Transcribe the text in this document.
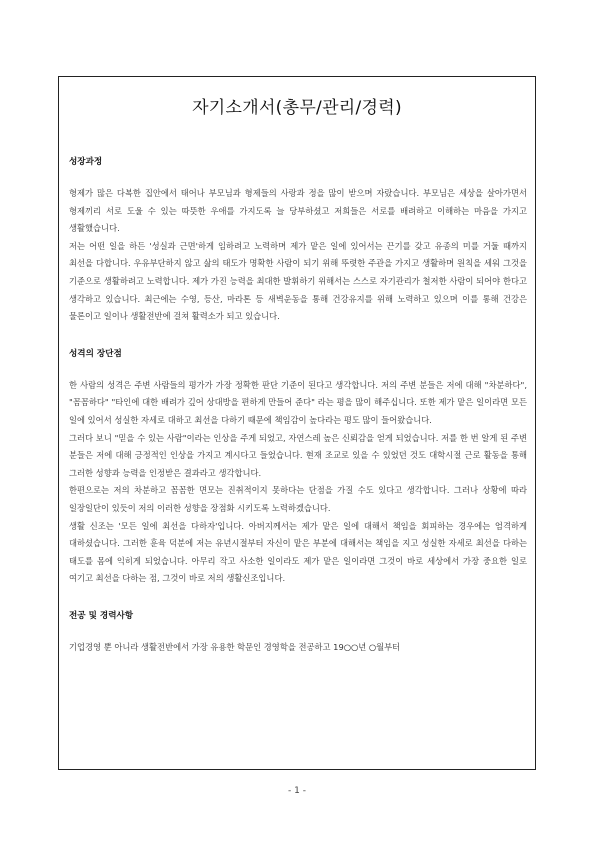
자기소개서(총무/관리/경력)
성장과정

형제가 많은 다복한 집안에서 태어나 부모님과 형제들의 사랑과 정을 많이 받으며 자랐습니다. 부모님은 세상을 살아가면서 형제끼리 서로 도울 수 있는 따뜻한 우애를 가지도록 늘 당부하셨고 저희들은 서로를 배려하고 이해하는 마음을 가지고 생활했습니다.

저는 어떤 일을 하든 '성실과 근면'하게 임하려고 노력하며 제가 맡은 일에 있어서는 끈기를 갖고 유종의 미를 거둘 때까지 최선을 다합니다. 우유부단하지 않고 삶의 태도가 명확한 사람이 되기 위해 뚜렷한 주관을 가지고 생활하며 원칙을 세워 그것을 기준으로 생활하려고 노력합니다. 제가 가진 능력을 최대한 발휘하기 위해서는 스스로 자기관리가 철저한 사람이 되어야 한다고 생각하고 있습니다. 최근에는 수영, 등산, 마라톤 등 새벽운동을 통해 건강유지를 위해 노력하고 있으며 이를 통해 건강은 물론이고 일이나 생활전반에 걸쳐 활력소가 되고 있습니다.

성격의 장단점

한 사람의 성격은 주변 사람들의 평가가 가장 정확한 판단 기준이 된다고 생각합니다. 저의 주변 분들은 저에 대해 "차분하다", "꼼꼼하다" "타인에 대한 배려가 깊어 상대방을 편하게 만들어 준다" 라는 평을 많이 해주십니다. 또한 제가 맡은 일이라면 모든 일에 있어서 성실한 자세로 대하고 최선을 다하기 때문에 책임감이 높다라는 평도 많이 들어왔습니다.

그러다 보니 "믿을 수 있는 사람"이라는 인상을 주게 되었고, 자연스레 높은 신뢰감을 얻게 되었습니다. 저를 한 번 알게 된 주변 분들은 저에 대해 긍정적인 인상을 가지고 계시다고 들었습니다. 현재 조교로 있을 수 있었던 것도 대학시절 근로 활동을 통해 그러한 성향과 능력을 인정받은 결과라고 생각합니다.

한편으로는 저의 차분하고 꼼꼼한 면모는 진취적이지 못하다는 단점을 가질 수도 있다고 생각합니다. 그러나 상황에 따라 일장일단이 있듯이 저의 이러한 성향을 장점화 시키도록 노력하겠습니다.

생활 신조는 '모든 일에 최선을 다하자'입니다. 아버지께서는 제가 맡은 일에 대해서 책임을 회피하는 경우에는 엄격하게 대하셨습니다. 그러한 훈육 덕분에 저는 유년시절부터 자신이 맡은 부분에 대해서는 책임을 지고 성실한 자세로 최선을 다하는 태도를 몸에 익히게 되었습니다. 아무리 작고 사소한 일이라도 제가 맡은 일이라면 그것이 바로 세상에서 가장 중요한 일로 여기고 최선을 다하는 점, 그것이 바로 저의 생활신조입니다.

전공 및 경력사항

기업경영 뿐 아니라 생활전반에서 가장 유용한 학문인 경영학을 전공하고 19○○년 ○월부터

- 1 -
